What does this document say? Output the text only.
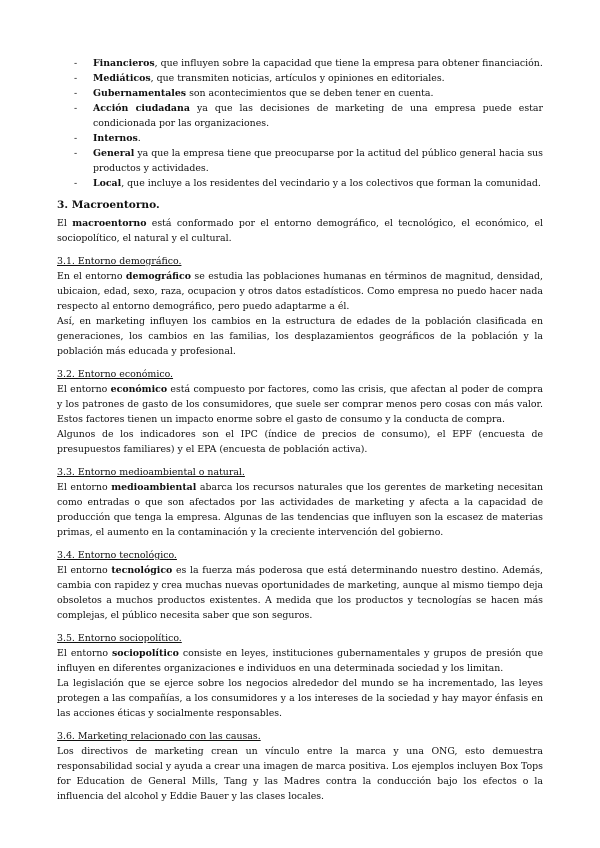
- Financieros, que influyen sobre la capacidad que tiene la empresa para obtener financiación.
- Mediáticos, que transmiten noticias, artículos y opiniones en editoriales.
- Gubernamentales son acontecimientos que se deben tener en cuenta.
- Acción ciudadana ya que las decisiones de marketing de una empresa puede estar condicionada por las organizaciones.
- Internos.
- General ya que la empresa tiene que preocuparse por la actitud del público general hacia sus productos y actividades.
- Local, que incluye a los residentes del vecindario y a los colectivos que forman la comunidad.
3. Macroentorno.

El macroentorno está conformado por el entorno demográfico, el tecnológico, el económico, el sociopolítico, el natural y el cultural.

3.1. Entorno demográfico.

En el entorno demográfico se estudia las poblaciones humanas en términos de magnitud, densidad, ubicaion, edad, sexo, raza, ocupacion y otros datos estadísticos. Como empresa no puedo hacer nada respecto al entorno demográfico, pero puedo adaptarme a él.

Así, en marketing influyen los cambios en la estructura de edades de la población clasificada en generaciones, los cambios en las familias, los desplazamientos geográficos de la población y la población más educada y profesional.

3.2. Entorno económico.

El entorno económico está compuesto por factores, como las crisis, que afectan al poder de compra y los patrones de gasto de los consumidores, que suele ser comprar menos pero cosas con más valor. Estos factores tienen un impacto enorme sobre el gasto de consumo y la conducta de compra.

Algunos de los indicadores son el IPC (índice de precios de consumo), el EPF (encuesta de presupuestos familiares) y el EPA (encuesta de población activa).

3.3. Entorno medioambiental o natural.

El entorno medioambiental abarca los recursos naturales que los gerentes de marketing necesitan como entradas o que son afectados por las actividades de marketing y afecta a la capacidad de producción que tenga la empresa. Algunas de las tendencias que influyen son la escasez de materias primas, el aumento en la contaminación y la creciente intervención del gobierno.

3.4. Entorno tecnológico.

El entorno tecnológico es la fuerza más poderosa que está determinando nuestro destino. Además, cambia con rapidez y crea muchas nuevas oportunidades de marketing, aunque al mismo tiempo deja obsoletos a muchos productos existentes. A medida que los productos y tecnologías se hacen más complejas, el público necesita saber que son seguros.

3.5. Entorno sociopolítico.

El entorno sociopolítico consiste en leyes, instituciones gubernamentales y grupos de presión que influyen en diferentes organizaciones e individuos en una determinada sociedad y los limitan.

La legislación que se ejerce sobre los negocios alrededor del mundo se ha incrementado, las leyes protegen a las compañías, a los consumidores y a los intereses de la sociedad y hay mayor énfasis en las acciones éticas y socialmente responsables.

3.6. Marketing relacionado con las causas.

Los directivos de marketing crean un vínculo entre la marca y una ONG, esto demuestra responsabilidad social y ayuda a crear una imagen de marca positiva. Los ejemplos incluyen Box Tops for Education de General Mills, Tang y las Madres contra la conducción bajo los efectos o la influencia del alcohol y Eddie Bauer y las clases locales.
